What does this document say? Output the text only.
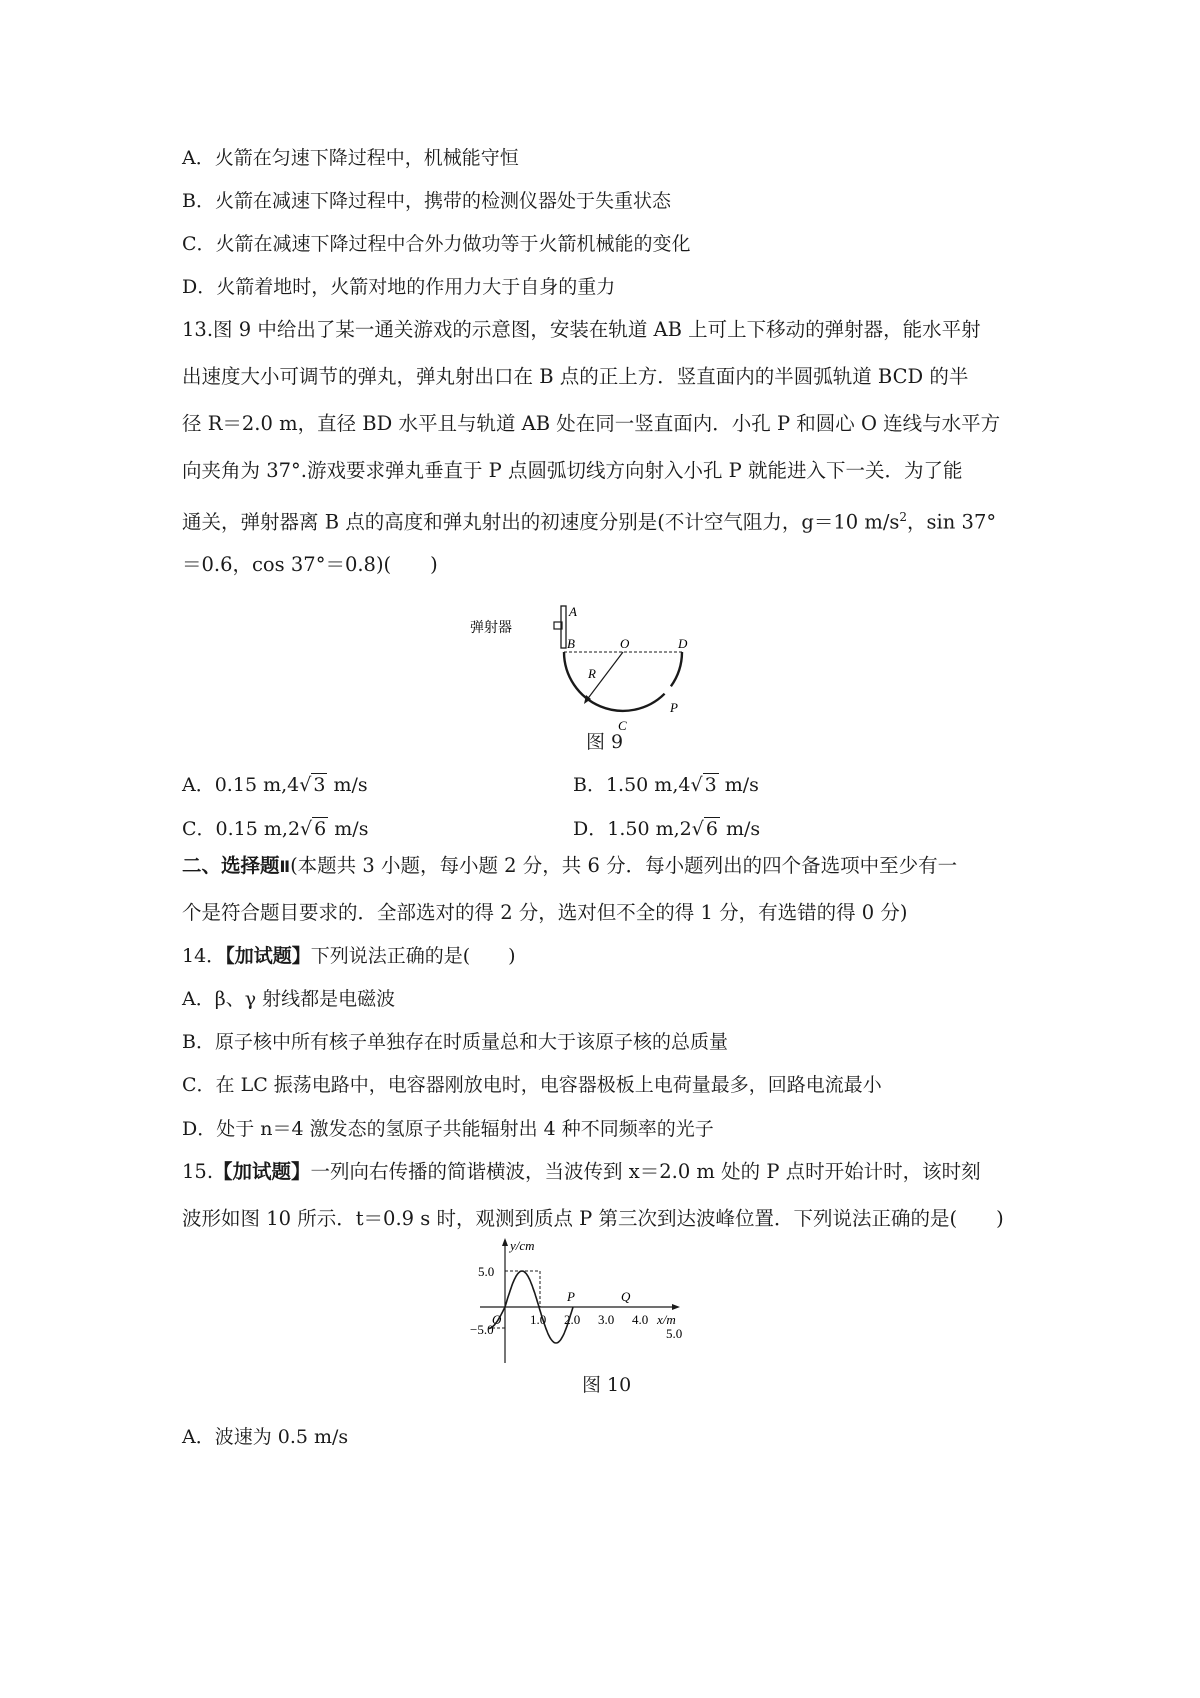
A．火箭在匀速下降过程中，机械能守恒
B．火箭在减速下降过程中，携带的检测仪器处于失重状态
C．火箭在减速下降过程中合外力做功等于火箭机械能的变化
D．火箭着地时，火箭对地的作用力大于自身的重力
13.图 9 中给出了某一通关游戏的示意图，安装在轨道 AB 上可上下移动的弹射器，能水平射
出速度大小可调节的弹丸，弹丸射出口在 B 点的正上方．竖直面内的半圆弧轨道 BCD 的半
径 R＝2.0 m，直径 BD 水平且与轨道 AB 处在同一竖直面内．小孔 P 和圆心 O 连线与水平方
向夹角为 37°.游戏要求弹丸垂直于 P 点圆弧切线方向射入小孔 P 就能进入下一关．为了能
通关，弹射器离 B 点的高度和弹丸射出的初速度分别是(不计空气阻力，g＝10 $m/s^2$，sin 37°
＝0.6，cos 37°＝0.8)(　　)
弹射器
A
B	O	D
R
C
P
图 9
A．0.15 m,4√ 3 m/s	B．1.50 m,4√ 3 m/s
C．0.15 m,2√ 6 m/s	D．1.50 m,2√ 6 m/s
二、选择题Ⅱ(本题共 3 小题，每小题 2 分，共 6 分．每小题列出的四个备选项中至少有一
个是符合题目要求的．全部选对的得 2 分，选对但不全的得 1 分，有选错的得 0 分)
14．【加试题】下列说法正确的是(　　)
A．β、γ 射线都是电磁波
B．原子核中所有核子单独存在时质量总和大于该原子核的总质量
C．在 LC 振荡电路中，电容器刚放电时，电容器极板上电荷量最多，回路电流最小
D．处于 n＝4 激发态的氢原子共能辐射出 4 种不同频率的光子
15.【加试题】一列向右传播的简谐横波，当波传到 x＝2.0 m 处的 P 点时开始计时，该时刻
波形如图 10 所示．t＝0.9 s 时，观测到质点 P 第三次到达波峰位置．下列说法正确的是(　　)
y/cm
x/m
O
5.0
−5.0
1.0 2.0 3.0 4.0
5.0
P	Q
图 10
A．波速为 0.5 m/s
